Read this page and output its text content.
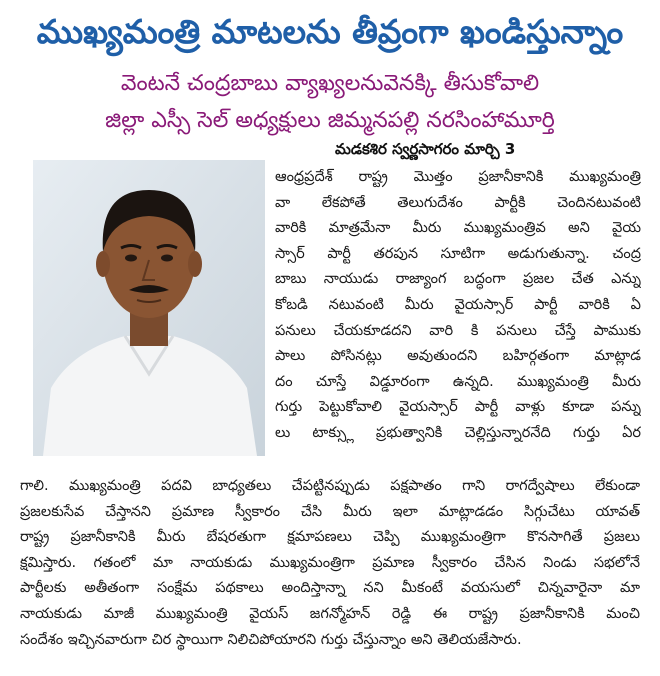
ముఖ్యమంత్రి మాటలను తీవ్రంగా ఖండిస్తున్నాం
వెంటనే చంద్రబాబు వ్యాఖ్యలనువెనక్కి తీసుకోవాలి
జిల్లా ఎస్సీ సెల్ అధ్యక్షులు జిమ్మనపల్లి నరసింహామూర్తి
మడకశిర స్వర్ణసాగరం మార్చి 3
ఆంధ్రప్రదేశ్ రాష్ట్ర మొత్తం ప్రజానీకానికి ముఖ్యమంత్రి
వా లేకపోతే తెలుగుదేశం పార్టీకి చెందినటువంటి
వారికి మాత్రమేనా మీరు ముఖ్యమంత్రివ అని వైయ
స్సార్ పార్టీ తరపున సూటిగా అడుగుతున్నా. చంద్ర
బాబు నాయుడు రాజ్యాంగ బద్ధంగా ప్రజల చేత ఎన్ను
కోబడి నటువంటి మీరు వైయస్సార్ పార్టీ వారికి ఏ
పనులు చేయకూడదని వారి కి పనులు చేస్తే పాముకు
పాలు పోసినట్లు అవుతుందని బహిర్గతంగా మాట్లాడ
దం చూస్తే విడ్డూరంగా ఉన్నది. ముఖ్యమంత్రి మీరు
గుర్తు పెట్టుకోవాలి వైయస్సార్ పార్టీ వాళ్లు కూడా పన్ను
లు టాక్స్లు ప్రభుత్వానికి చెల్లిస్తున్నారనేది గుర్తు ఏర
గాలి. ముఖ్యమంత్రి పదవి బాధ్యతలు చేపట్టినప్పుడు పక్షపాతం గాని రాగద్వేషాలు లేకుండా
ప్రజలకుసేవ చేస్తానని ప్రమాణ స్వీకారం చేసి మీరు ఇలా మాట్లాడడం సిగ్గుచేటు యావత్
రాష్ట్ర ప్రజానీకానికి మీరు బేషరతుగా క్షమాపణలు చెప్పి ముఖ్యమంత్రిగా కొనసాగితే ప్రజలు
క్షమిస్తారు. గతంలో మా నాయకుడు ముఖ్యమంత్రిగా ప్రమాణ స్వీకారం చేసిన నిండు సభలోనే
పార్టీలకు అతీతంగా సంక్షేమ పథకాలు అందిస్తాన్నా నని మీకంటే వయసులో చిన్నవారైనా మా
నాయకుడు మాజీ ముఖ్యమంత్రి వైయస్ జగన్మోహన్ రెడ్డి ఈ రాష్ట్ర ప్రజానీకానికి మంచి
సందేశం ఇచ్చినవారుగా చిర స్థాయిగా నిలిచిపోయారని గుర్తు చేస్తున్నాం అని తెలియజేసారు.
